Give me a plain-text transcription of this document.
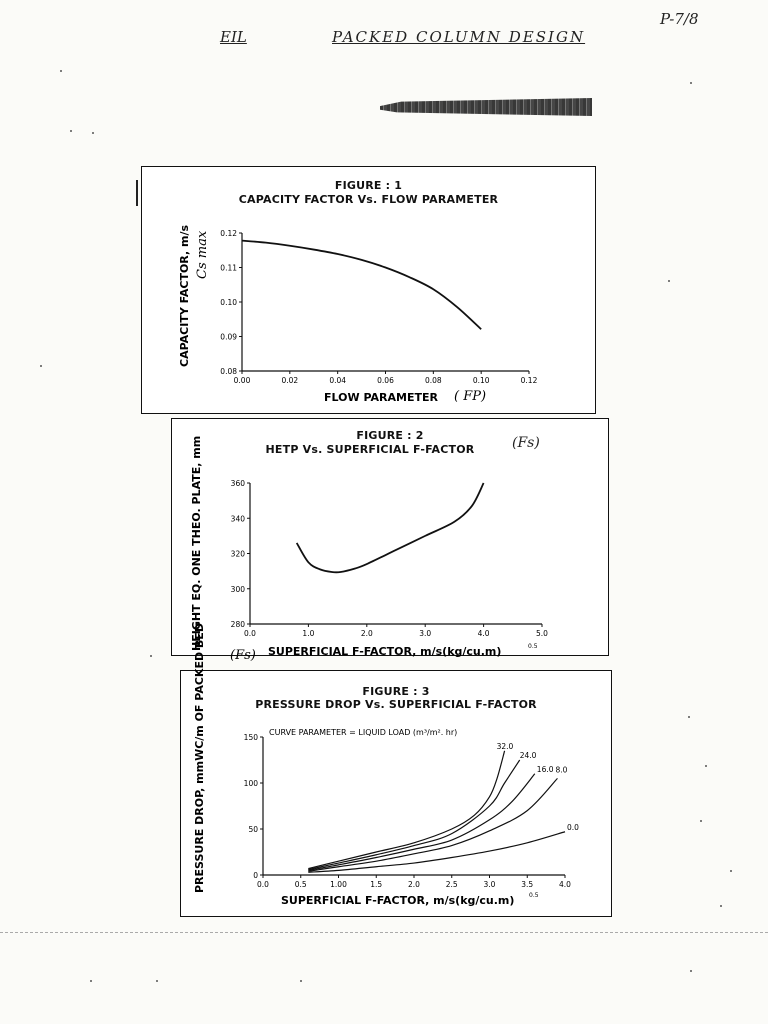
EIL	PACKED COLUMN DESIGN
P-7/8
FIGURE : 1
CAPACITY FACTOR Vs. FLOW PARAMETER
0.00	0.02	0.04	0.06	0.08	0.10	0.12
0.08
0.09
0.10
0.11
0.12
CAPACITY FACTOR, m/s Cs max
FLOW PARAMETER ( FP)
FIGURE : 2
HETP Vs. SUPERFICIAL F-FACTOR	(Fs)
0.0	1.0	2.0	3.0	4.0	5.0
280
300
320
340
360
HEIGHT EQ. ONE THEO. PLATE, mm
(Fs) SUPERFICIAL F-FACTOR, m/s(kg/cu.m)	0.5
FIGURE : 3
PRESSURE DROP Vs. SUPERFICIAL F-FACTOR
CURVE PARAMETER = LIQUID LOAD (m³/m². hr)
0.0	0.5	1.00	1.5	2.0	2.5	3.0	3.5	4.0
0
50
100
150
32.0
24.0
16.0 8.0
0.0
PRESSURE DROP, mmWC/m OF PACKED BED
SUPERFICIAL F-FACTOR, m/s(kg/cu.m) 0.5
